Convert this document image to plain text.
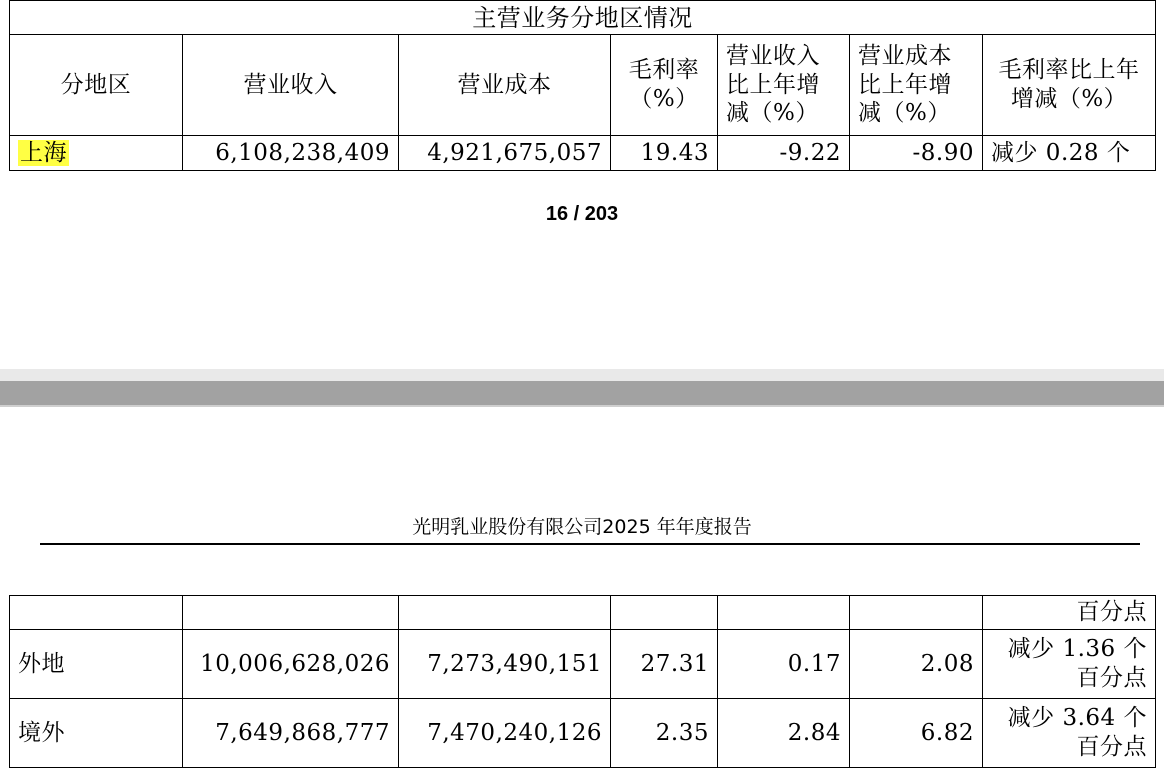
主营业务分地区情况						
分地区	营业收入	营业成本	毛利率（%）	营业收入比上年增减（%）	营业成本比上年增减（%）	毛利率比上年增减（%）
上海	6,108,238,409	4,921,675,057	19.43	-9.22	-8.90	减少 0.28 个
16 / 203
光明乳业股份有限公司2025 年年度报告
						百分点
外地	10,006,628,026	7,273,490,151	27.31	0.17	2.08	减少 1.36 个百分点
境外	7,649,868,777	7,470,240,126	2.35	2.84	6.82	减少 3.64 个百分点
